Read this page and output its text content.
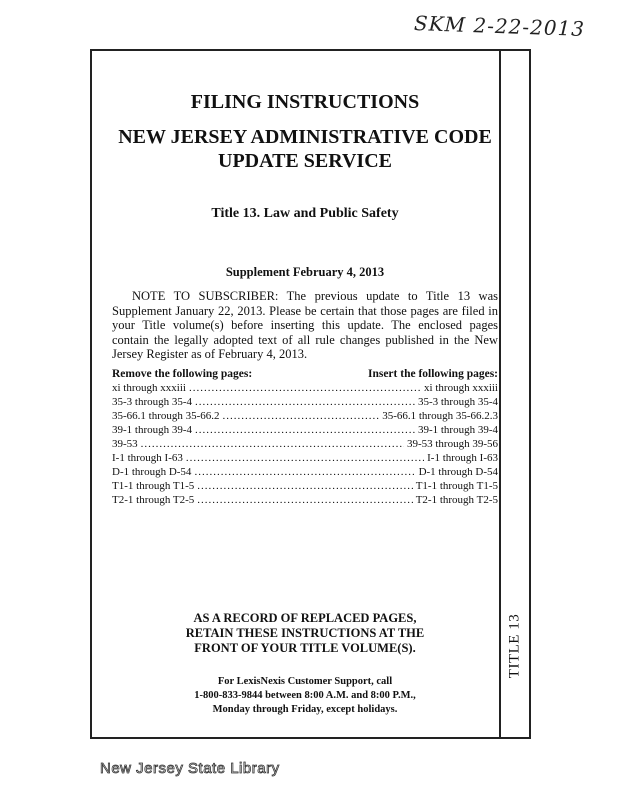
SKM 2-22-2013
FILING INSTRUCTIONS
NEW JERSEY ADMINISTRATIVE CODE
UPDATE SERVICE
Title 13. Law and Public Safety
Supplement February 4, 2013
NOTE TO SUBSCRIBER: The previous update to Title 13 was Supplement January 22, 2013. Please be certain that those pages are filed in your Title volume(s) before inserting this update. The enclosed pages contain the legally adopted text of all rule changes published in the New Jersey Register as of February 4, 2013.
Remove the following pages:	Insert the following pages:
xi through xxxiii .....	xi through xxxiii
35-3 through 35-4 .....	35-3 through 35-4
35-66.1 through 35-66.2 .....	35-66.1 through 35-66.2.3
39-1 through 39-4 .....	39-1 through 39-4
39-53 .....	39-53 through 39-56
I-1 through I-63 .....	I-1 through I-63
D-1 through D-54 .....	D-1 through D-54
T1-1 through T1-5 .....	T1-1 through T1-5
T2-1 through T2-5 .....	T2-1 through T2-5
AS A RECORD OF REPLACED PAGES,
RETAIN THESE INSTRUCTIONS AT THE
FRONT OF YOUR TITLE VOLUME(S).
For LexisNexis Customer Support, call
1-800-833-9844 between 8:00 A.M. and 8:00 P.M.,
Monday through Friday, except holidays.
TITLE 13
New Jersey State Library
